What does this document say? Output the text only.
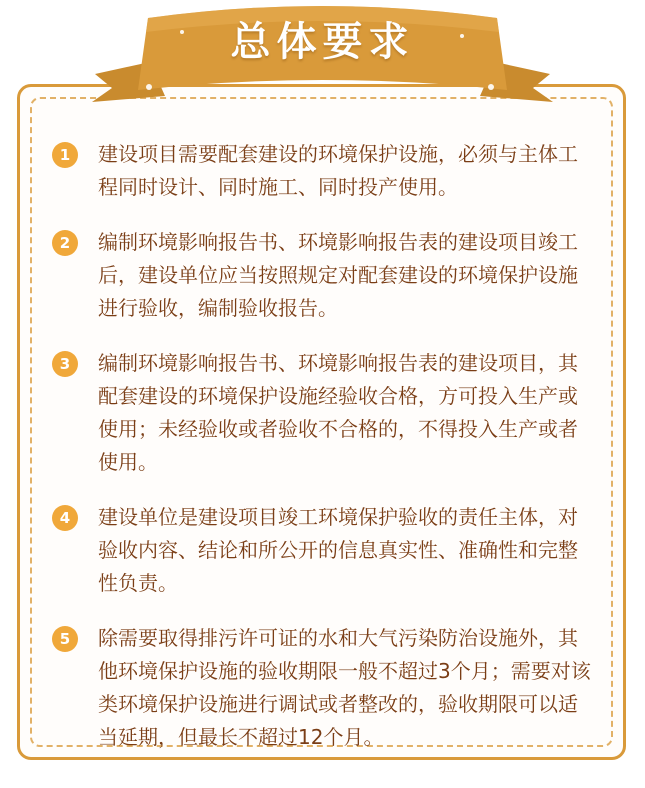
总体要求
1	建设项目需要配套建设的环境保护设施，必须与主体工程同时设计、同时施工、同时投产使用。
2	编制环境影响报告书、环境影响报告表的建设项目竣工后，建设单位应当按照规定对配套建设的环境保护设施进行验收，编制验收报告。
3	编制环境影响报告书、环境影响报告表的建设项目，其配套建设的环境保护设施经验收合格，方可投入生产或使用；未经验收或者验收不合格的，不得投入生产或者使用。
4	建设单位是建设项目竣工环境保护验收的责任主体，对验收内容、结论和所公开的信息真实性、准确性和完整性负责。
5	除需要取得排污许可证的水和大气污染防治设施外，其他环境保护设施的验收期限一般不超过3个月；需要对该类环境保护设施进行调试或者整改的，验收期限可以适当延期，但最长不超过12个月。
